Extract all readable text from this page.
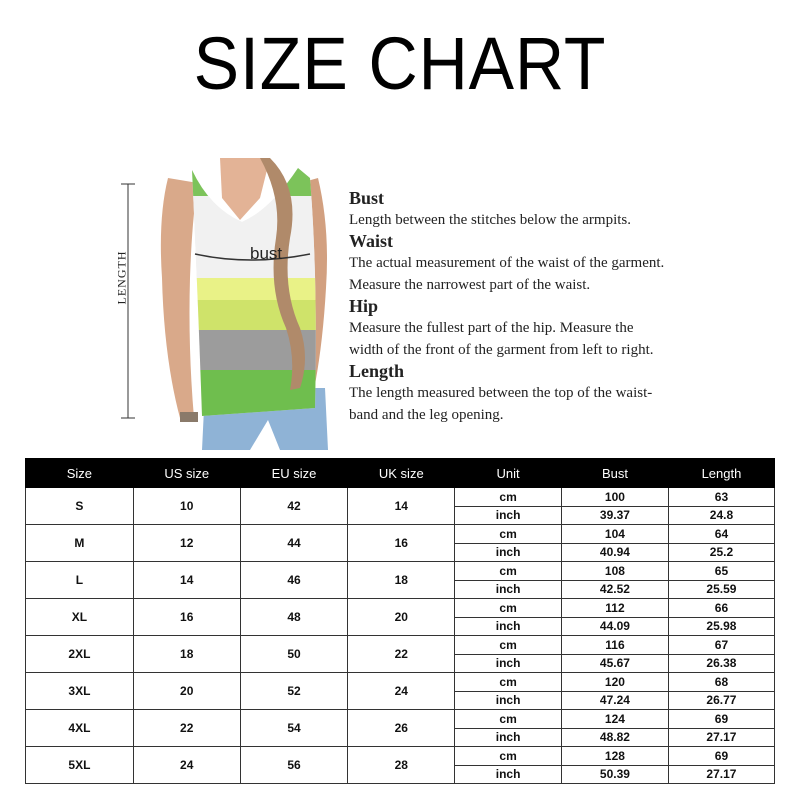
SIZE CHART
LENGTH	bust
Bust
Length between the stitches below the armpits.
Waist
The actual measurement of the waist of the garment.
Measure the narrowest part of the waist.
Hip
Measure the fullest part of the hip. Measure the
width of the front of the garment from left to right.
Length
The length measured between the top of the waist-
band and the leg opening.
Size	US size	EU size	UK size	Unit	Bust	Length
S	10	42	14	cm	100	63
				inch	39.37	24.8
M	12	44	16	cm	104	64
				inch	40.94	25.2
L	14	46	18	cm	108	65
				inch	42.52	25.59
XL	16	48	20	cm	112	66
				inch	44.09	25.98
2XL	18	50	22	cm	116	67
				inch	45.67	26.38
3XL	20	52	24	cm	120	68
				inch	47.24	26.77
4XL	22	54	26	cm	124	69
				inch	48.82	27.17
5XL	24	56	28	cm	128	69
				inch	50.39	27.17
